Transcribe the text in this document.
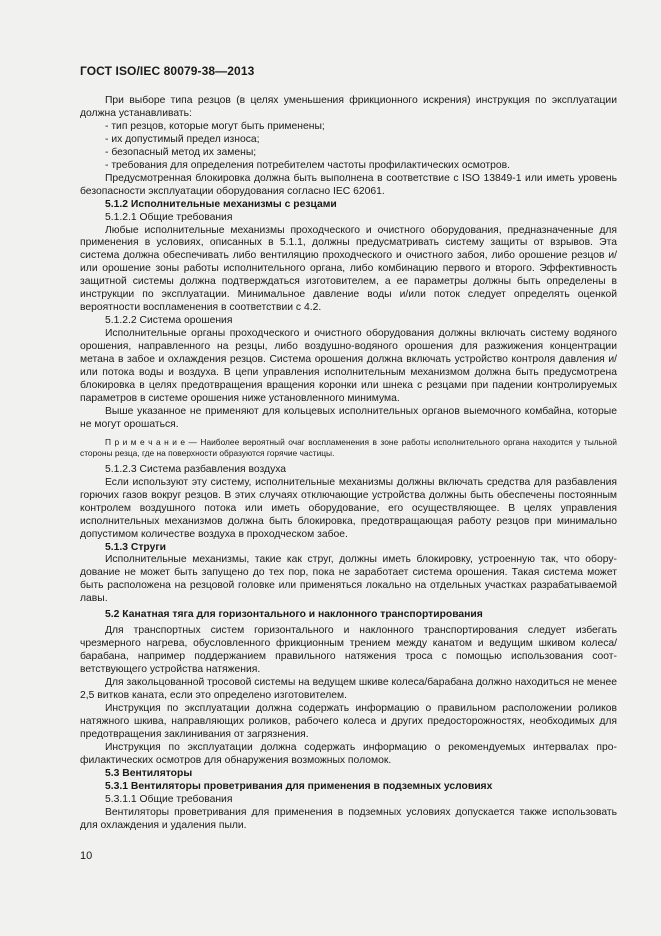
ГОСТ ISO/IEC 80079-38—2013

При выборе типа резцов (в целях уменьшения фрикционного искрения) инструкция по эксплуатации должна устанавливать:

- тип резцов, которые могут быть применены;

- их допустимый предел износа;

- безопасный метод их замены;

- требования для определения потребителем частоты профилактических осмотров.

Предусмотренная блокировка должна быть выполнена в соответствие с ISO 13849-1 или иметь уровень безопасности эксплуатации оборудования согласно IEC 62061.

5.1.2 Исполнительные механизмы с резцами

5.1.2.1 Общие требования

Любые исполнительные механизмы проходческого и очистного оборудования, предназначенные для применения в условиях, описанных в 5.1.1, должны предусматривать систему защиты от взрывов. Эта система должна обеспечивать либо вентиляцию проходческого и очистного забоя, либо орошение резцов и/или орошение зоны работы исполнительного органа, либо комбинацию первого и второго. Эффективность защитной системы должна подтверждаться изготовителем, а ее параметры должны быть определены в инструкции по эксплуатации. Минимальное давление воды и/или поток следует определять оценкой вероятности воспламенения в соответствии с 4.2.

5.1.2.2 Система орошения

Исполнительные органы проходческого и очистного оборудования должны включать систему водяного орошения, направленного на резцы, либо воздушно-водяного орошения для разжижения концентрации метана в забое и охлаждения резцов. Система орошения должна включать устройство контроля давления и/или потока воды и воздуха. В цепи управления исполнительным механизмом должна быть предусмотрена блокировка в целях предотвращения вращения коронки или шнека с резцами при падении контролируемых параметров в системе орошения ниже установленного минимума.

Выше указанное не применяют для кольцевых исполнительных органов выемочного комбайна, которые не могут орошаться.

П р и м е ч а н и е — Наиболее вероятный очаг воспламенения в зоне работы исполнительного органа находится у тыльной стороны резца, где на поверхности образуются горячие частицы.

5.1.2.3 Система разбавления воздуха

Если используют эту систему, исполнительные механизмы должны включать средства для разбавления горючих газов вокруг резцов. В этих случаях отключающие устройства должны быть обеспечены постоянным контролем воздушного потока или иметь оборудование, его осуществляющее. В целях управления исполнительных механизмов должна быть блокировка, предотвращающая работу резцов при минимально допустимом количестве воздуха в проходческом забое.

5.1.3 Струги

Исполнительные механизмы, такие как струг, должны иметь блокировку, устроенную так, что оборудование не может быть запущено до тех пор, пока не заработает система орошения. Такая система может быть расположена на резцовой головке или применяться локально на отдельных участках разрабатываемой лавы.

5.2 Канатная тяга для горизонтального и наклонного транспортирования

Для транспортных систем горизонтального и наклонного транспортирования следует избегать чрезмерного нагрева, обусловленного фрикционным трением между канатом и ведущим шкивом колеса/барабана, например поддержанием правильного натяжения троса с помощью использования соответствующего устройства натяжения.

Для закольцованной тросовой системы на ведущем шкиве колеса/барабана должно находиться не менее 2,5 витков каната, если это определено изготовителем.

Инструкция по эксплуатации должна содержать информацию о правильном расположении роликов натяжного шкива, направляющих роликов, рабочего колеса и других предосторожностях, необходимых для предотвращения заклинивания от загрязнения.

Инструкция по эксплуатации должна содержать информацию о рекомендуемых интервалах профилактических осмотров для обнаружения возможных поломок.

5.3 Вентиляторы

5.3.1 Вентиляторы проветривания для применения в подземных условиях

5.3.1.1 Общие требования

Вентиляторы проветривания для применения в подземных условиях допускается также использовать для охлаждения и удаления пыли.

10
